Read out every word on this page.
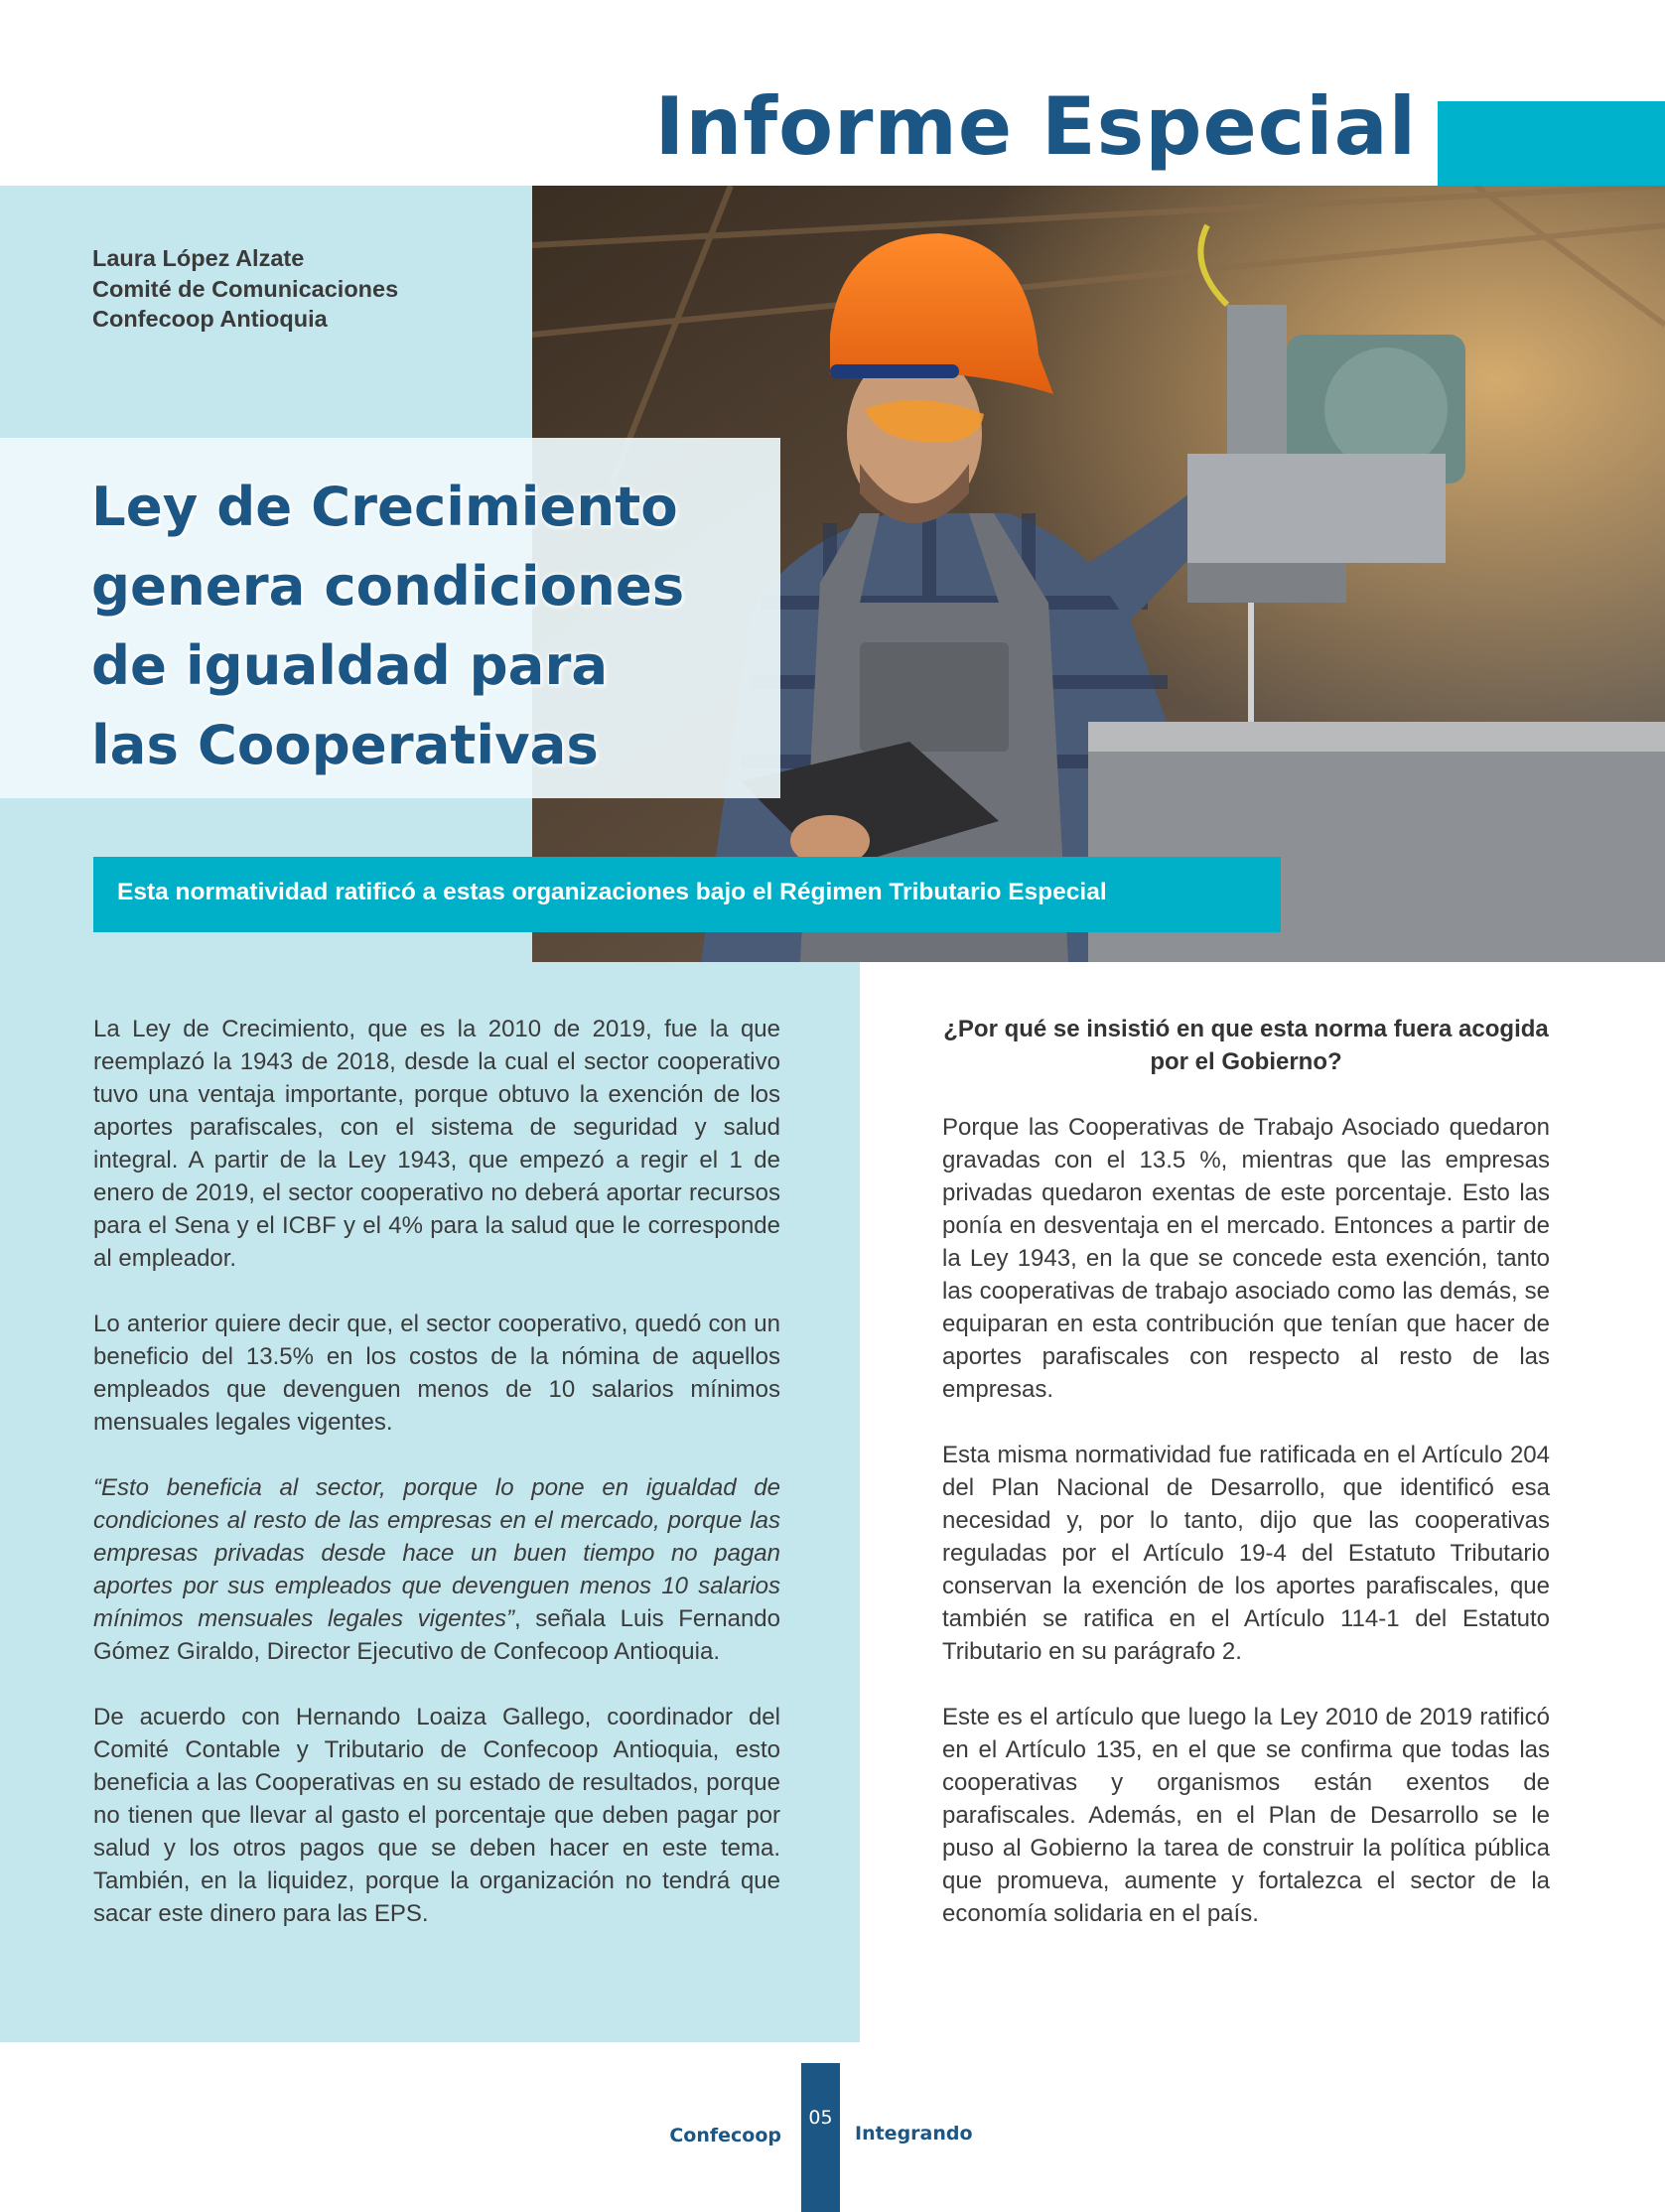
Informe Especial
Laura López Alzate
Comité de Comunicaciones
Confecoop Antioquia
Ley de Crecimiento
genera condiciones
de igualdad para
las Cooperativas

Esta normatividad ratificó a estas organizaciones bajo el Régimen Tributario Especial

La Ley de Crecimiento, que es la 2010 de 2019, fue la que reemplazó la 1943 de 2018, desde la cual el sector cooperativo tuvo una ventaja importante, porque obtuvo la exención de los aportes parafiscales, con el sistema de seguridad y salud integral. A partir de la Ley 1943, que empezó a regir el 1 de enero de 2019, el sector cooperativo no deberá aportar recursos para el Sena y el ICBF y el 4% para la salud que le corresponde al empleador.

Lo anterior quiere decir que, el sector cooperativo, quedó con un beneficio del 13.5% en los costos de la nómina de aquellos empleados que devenguen menos de 10 salarios mínimos mensuales legales vigentes.

“Esto beneficia al sector, porque lo pone en igualdad de condiciones al resto de las empresas en el mercado, porque las empresas privadas desde hace un buen tiempo no pagan aportes por sus empleados que devenguen menos 10 salarios mínimos mensuales legales vigentes”, señala Luis Fernando Gómez Giraldo, Director Ejecutivo de Confecoop Antioquia.

De acuerdo con Hernando Loaiza Gallego, coordinador del Comité Contable y Tributario de Confecoop Antioquia, esto beneficia a las Cooperativas en su estado de resultados, porque no tienen que llevar al gasto el porcentaje que deben pagar por salud y los otros pagos que se deben hacer en este tema. También, en la liquidez, porque la organización no tendrá que sacar este dinero para las EPS.

¿Por qué se insistió en que esta norma fuera acogida por el Gobierno?

Porque las Cooperativas de Trabajo Asociado quedaron gravadas con el 13.5 %, mientras que las empresas privadas quedaron exentas de este porcentaje. Esto las ponía en desventaja en el mercado. Entonces a partir de la Ley 1943, en la que se concede esta exención, tanto las cooperativas de trabajo asociado como las demás, se equiparan en esta contribución que tenían que hacer de aportes parafiscales con respecto al resto de las empresas.

Esta misma normatividad fue ratificada en el Artículo 204 del Plan Nacional de Desarrollo, que identificó esa necesidad y, por lo tanto, dijo que las cooperativas reguladas por el Artículo 19-4 del Estatuto Tributario conservan la exención de los aportes parafiscales, que también se ratifica en el Artículo 114-1 del Estatuto Tributario en su parágrafo 2.

Este es el artículo que luego la Ley 2010 de 2019 ratificó en el Artículo 135, en el que se confirma que todas las cooperativas y organismos están exentos de parafiscales. Además, en el Plan de Desarrollo se le puso al Gobierno la tarea de construir la política pública que promueva, aumente y fortalezca el sector de la economía solidaria en el país.

05
Confecoop	Integrando
